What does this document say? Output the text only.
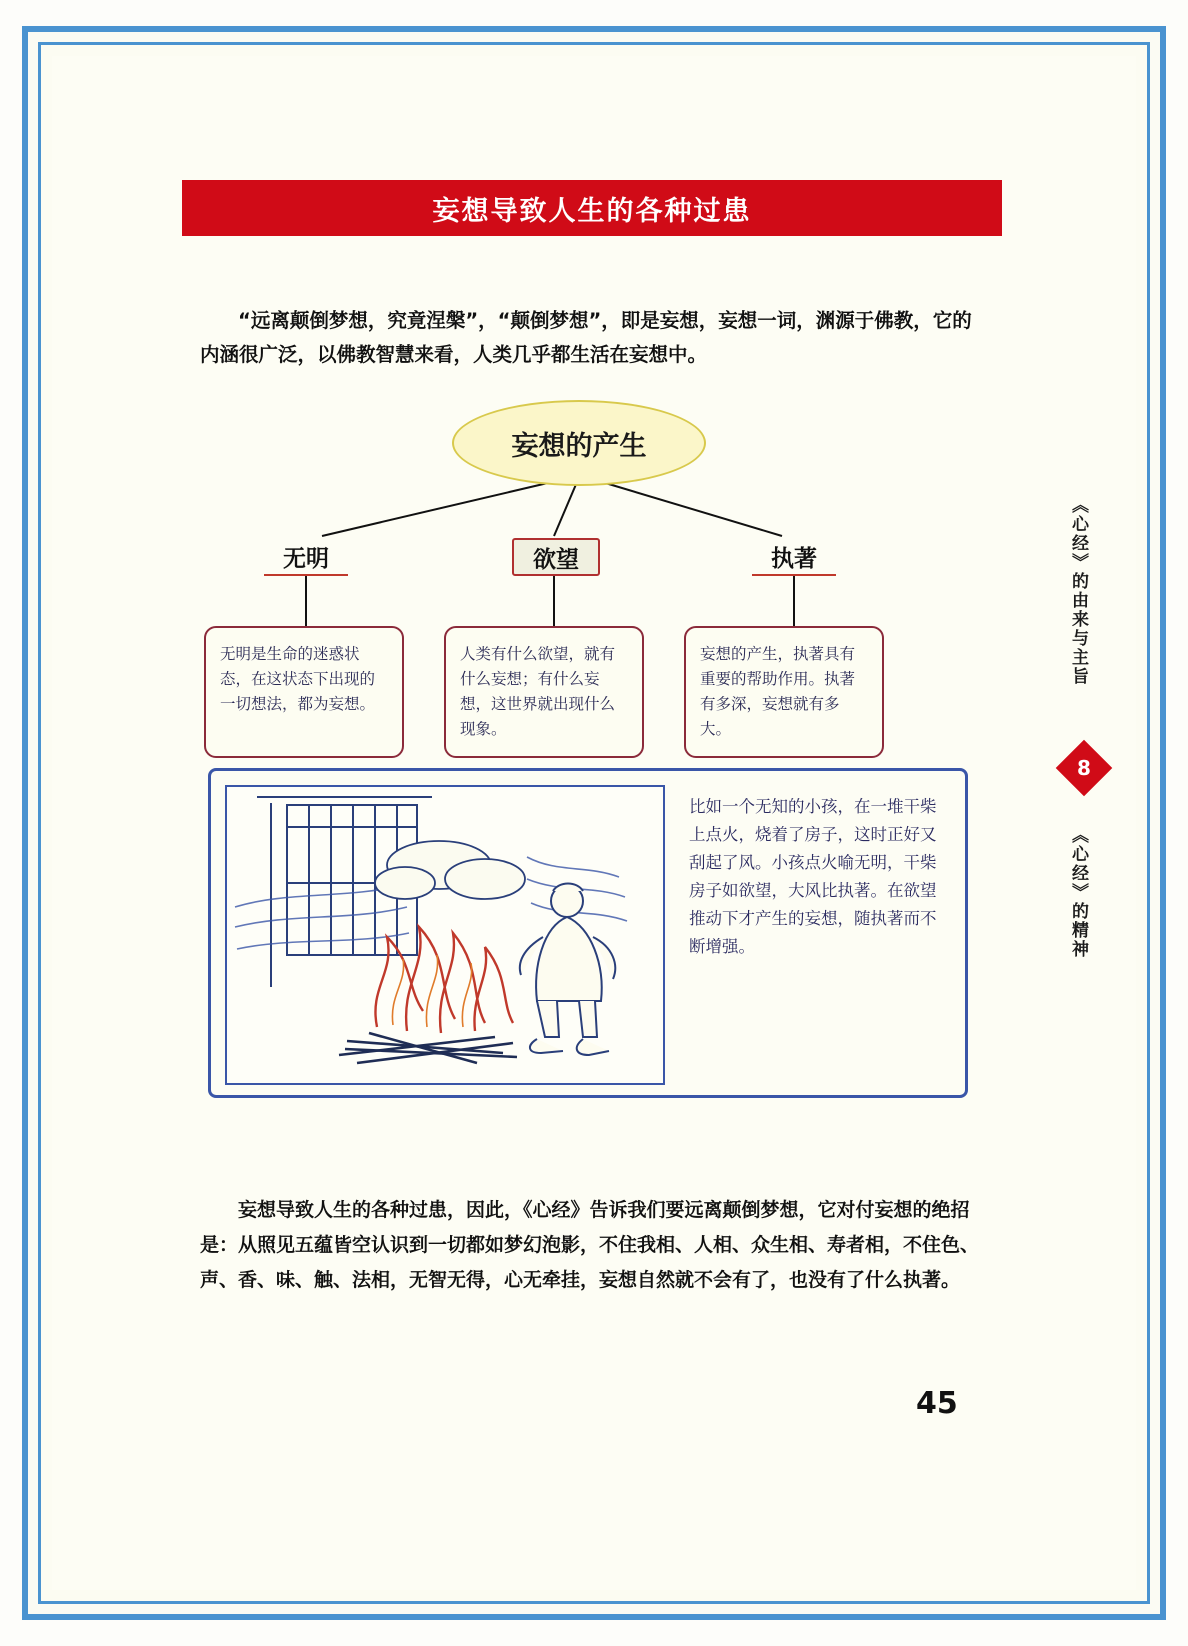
妄想导致人生的各种过患

“远离颠倒梦想，究竟涅槃”，“颠倒梦想”，即是妄想，妄想一词，渊源于佛教，它的内涵很广泛，以佛教智慧来看，人类几乎都生活在妄想中。

妄想的产生
无明	欲望	执著
无明是生命的迷惑状态，在这状态下出现的一切想法，都为妄想。
人类有什么欲望，就有什么妄想；有什么妄想，这世界就出现什么现象。
妄想的产生，执著具有重要的帮助作用。执著有多深，妄想就有多大。
比如一个无知的小孩，在一堆干柴上点火，烧着了房子，这时正好又刮起了风。小孩点火喻无明，干柴房子如欲望，大风比执著。在欲望推动下才产生的妄想，随执著而不断增强。

妄想导致人生的各种过患，因此，《心经》告诉我们要远离颠倒梦想，它对付妄想的绝招是：从照见五蕴皆空认识到一切都如梦幻泡影，不住我相、人相、众生相、寿者相，不住色、声、香、味、触、法相，无智无得，心无牵挂，妄想自然就不会有了，也没有了什么执著。

45
《心经》的由来与主旨
8
《心经》的精神
